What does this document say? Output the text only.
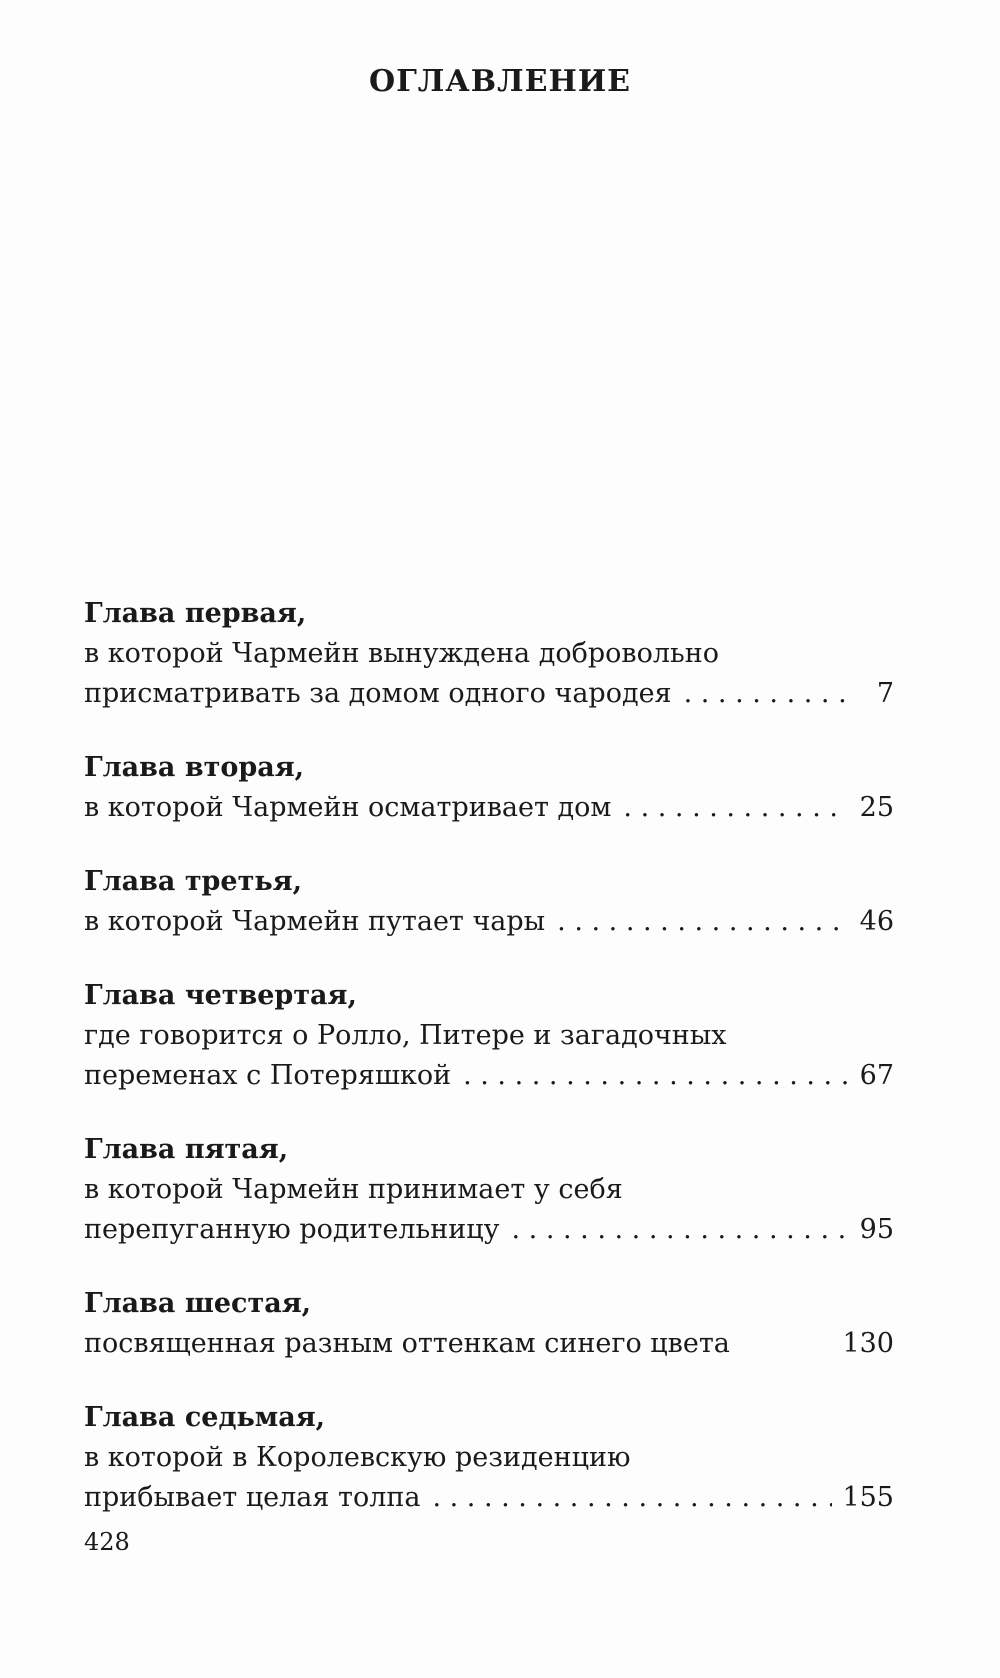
ОГЛАВЛЕНИЕ
Глава первая,
в которой Чармейн вынуждена добровольно
присматривать за домом одного чародея . . .	7
Глава вторая,
в которой Чармейн осматривает дом . . .	25
Глава третья,
в которой Чармейн путает чары . . .	46
Глава четвертая,
где говорится о Ролло, Питере и загадочных
переменах с Потеряшкой . . .	67
Глава пятая,
в которой Чармейн принимает у себя
перепуганную родительницу . . .	95
Глава шестая,
посвященная разным оттенкам синего цвета	130
Глава седьмая,
в которой в Королевскую резиденцию
прибывает целая толпа . . .	155
428
